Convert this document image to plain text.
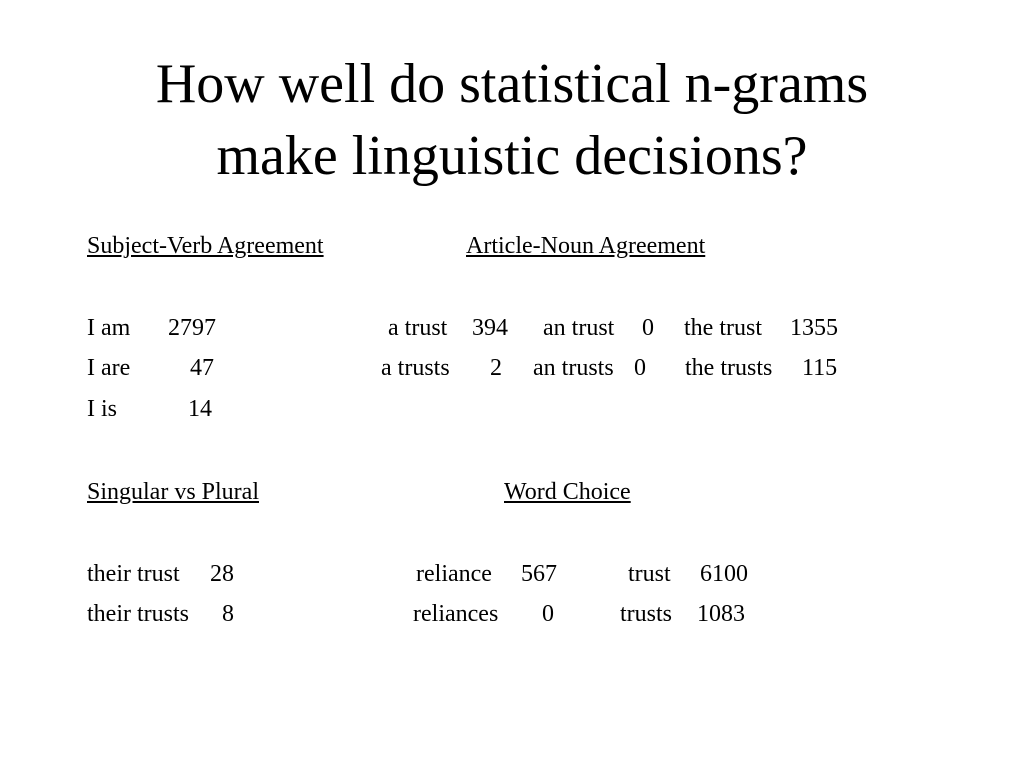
How well do statistical n-grams
make linguistic decisions?
Subject-Verb Agreement	Article-Noun Agreement
I am 2797
I are 47
I is	14
a trust 394 an trust 0 the trust 1355
a trusts 2 an trusts 0 the trusts 115
Singular vs Plural	Word Choice
their trust 28
their trusts 8
reliance 567	trust 6100
reliances 0	trusts 1083
